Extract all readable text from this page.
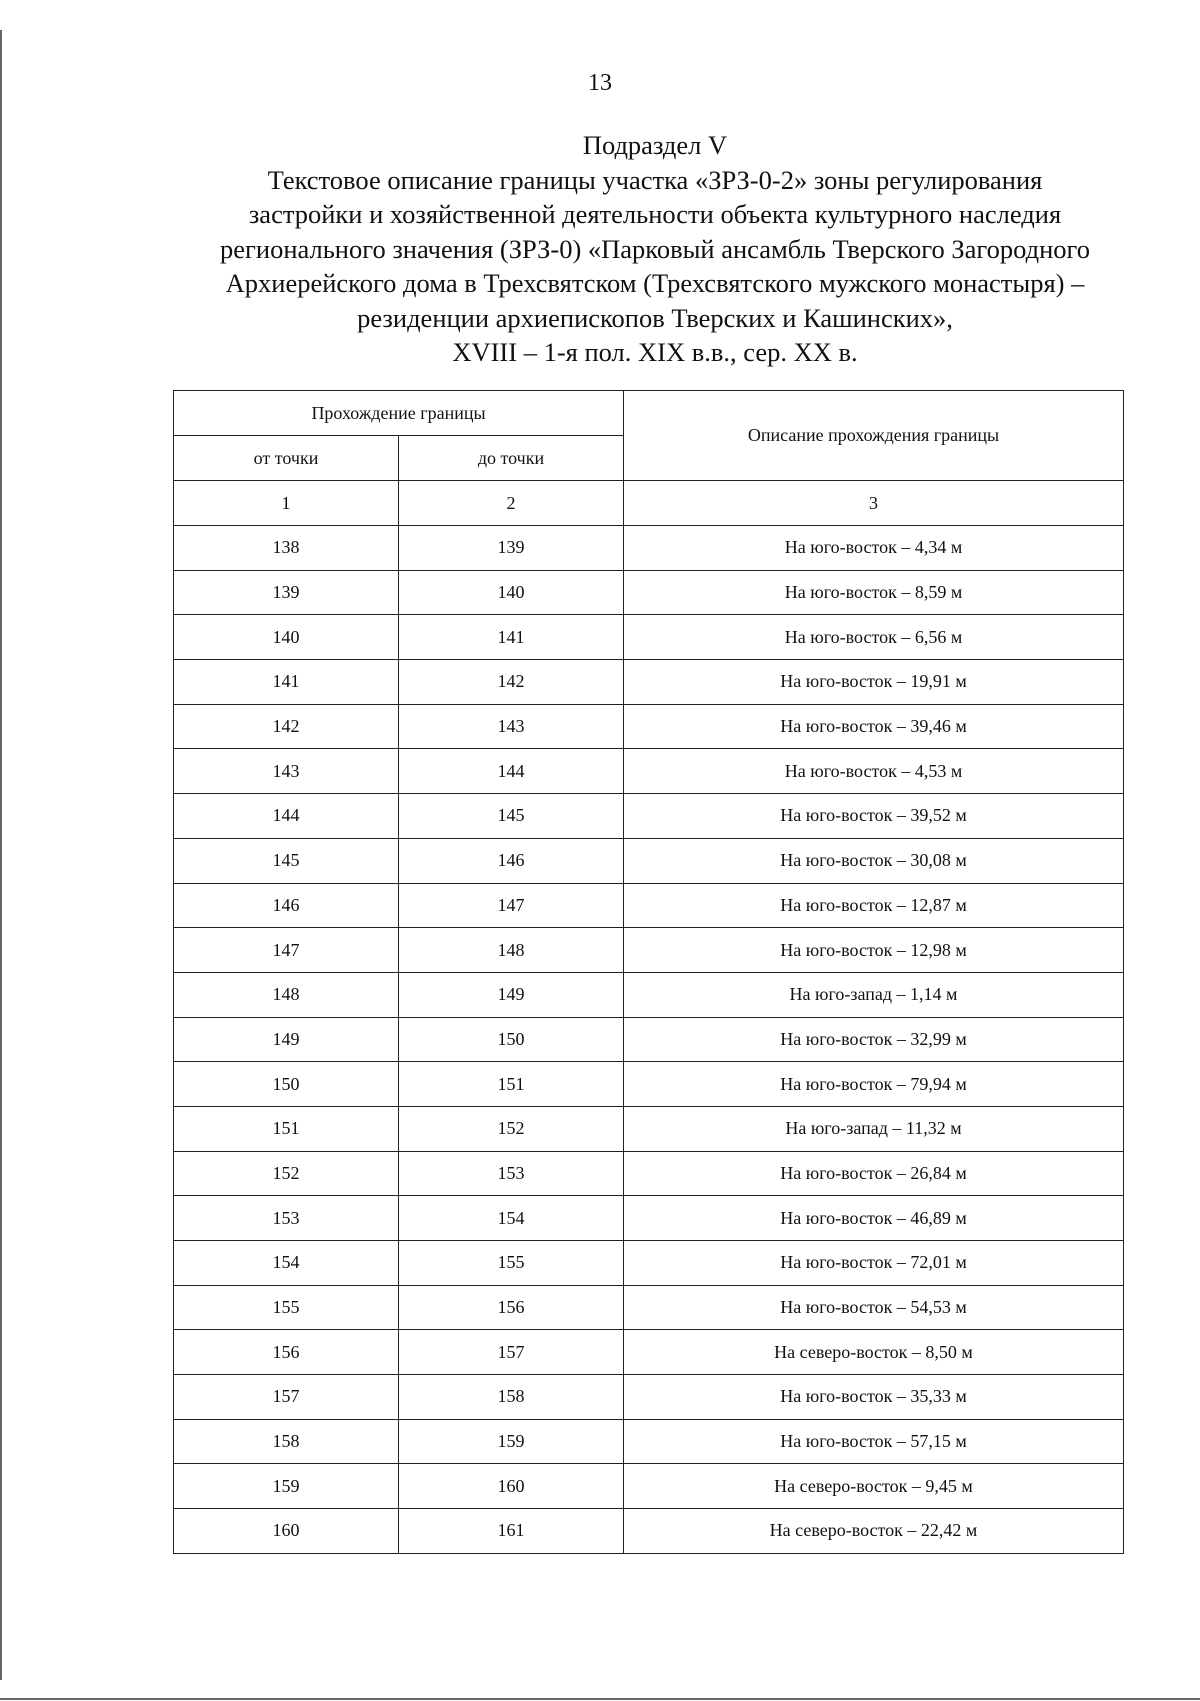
13
Подраздел V
Текстовое описание границы участка «ЗРЗ-0-2» зоны регулирования
застройки и хозяйственной деятельности объекта культурного наследия
регионального значения (ЗРЗ-0) «Парковый ансамбль Тверского Загородного
Архиерейского дома в Трехсвятском (Трехсвятского мужского монастыря) –
резиденции архиепископов Тверских и Кашинских»,
XVIII – 1-я пол. XIX в.в., сер. XX в.
Прохождение границы		Описание прохождения границы
от точки	до точки	
1	2	3
138	139	На юго-восток – 4,34 м
139	140	На юго-восток – 8,59 м
140	141	На юго-восток – 6,56 м
141	142	На юго-восток – 19,91 м
142	143	На юго-восток – 39,46 м
143	144	На юго-восток – 4,53 м
144	145	На юго-восток – 39,52 м
145	146	На юго-восток – 30,08 м
146	147	На юго-восток – 12,87 м
147	148	На юго-восток – 12,98 м
148	149	На юго-запад – 1,14 м
149	150	На юго-восток – 32,99 м
150	151	На юго-восток – 79,94 м
151	152	На юго-запад – 11,32 м
152	153	На юго-восток – 26,84 м
153	154	На юго-восток – 46,89 м
154	155	На юго-восток – 72,01 м
155	156	На юго-восток – 54,53 м
156	157	На северо-восток – 8,50 м
157	158	На юго-восток – 35,33 м
158	159	На юго-восток – 57,15 м
159	160	На северо-восток – 9,45 м
160	161	На северо-восток – 22,42 м
